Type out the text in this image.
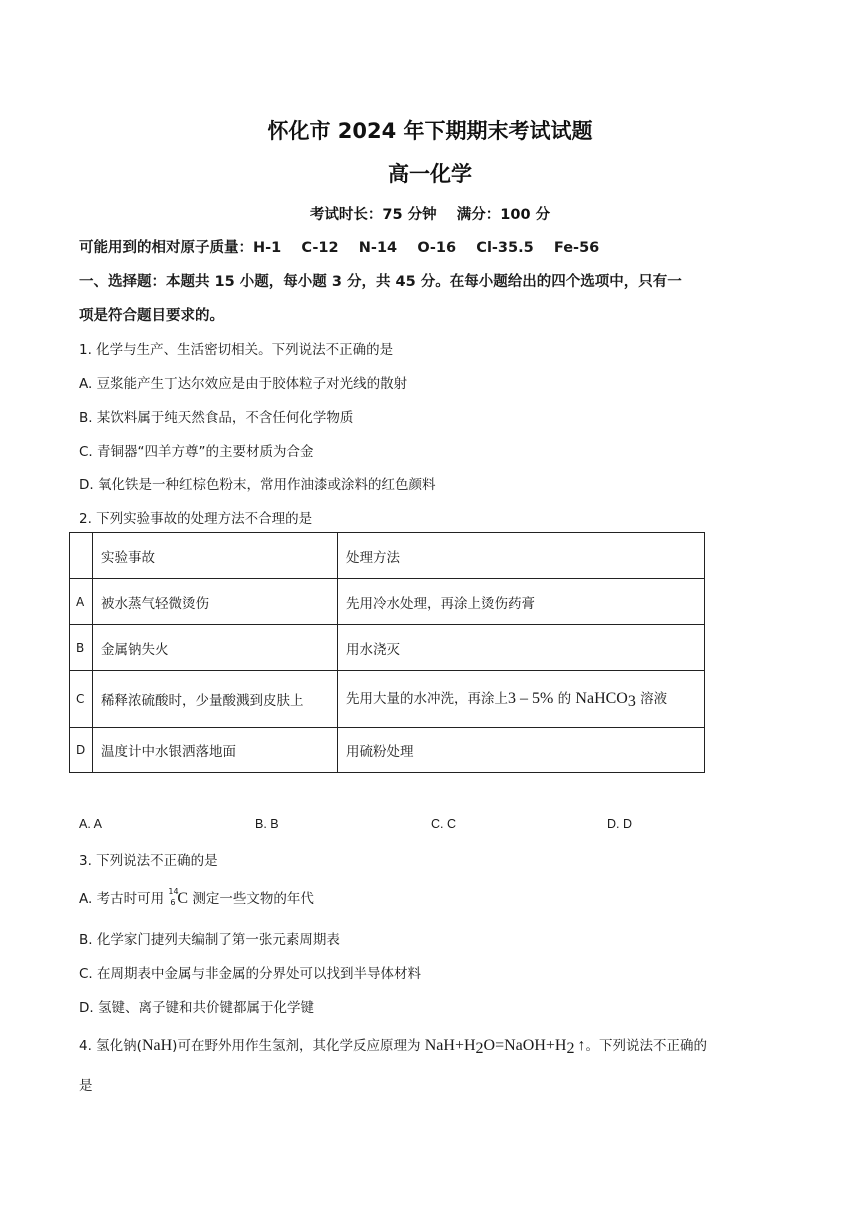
怀化市 2024 年下期期末考试试题
高一化学
考试时长：75 分钟    满分：100 分
可能用到的相对原子质量：H-1    C-12    N-14    O-16    Cl-35.5    Fe-56
一、选择题：本题共 15 小题，每小题 3 分，共 45 分。在每小题给出的四个选项中，只有一
项是符合题目要求的。
1. 化学与生产、生活密切相关。下列说法不正确的是
A. 豆浆能产生丁达尔效应是由于胶体粒子对光线的散射
B. 某饮料属于纯天然食品，不含任何化学物质
C. 青铜器“四羊方尊”的主要材质为合金
D. 氧化铁是一种红棕色粉末，常用作油漆或涂料的红色颜料
2. 下列实验事故的处理方法不合理的是
	实验事故	处理方法
A	被水蒸气轻微烫伤	先用冷水处理，再涂上烫伤药膏
B	金属钠失火	用水浇灭
C	稀释浓硫酸时，少量酸溅到皮肤上	先用大量的水冲洗，再涂上3 – 5% 的 NaHCO3 溶液
D	温度计中水银洒落地面	用硫粉处理
A. A	B. B	C. C	D. D
3. 下列说法不正确的是
A. 考古时可用 14
6 C 测定一些文物的年代
B. 化学家门捷列夫编制了第一张元素周期表
C. 在周期表中金属与非金属的分界处可以找到半导体材料
D. 氢键、离子键和共价键都属于化学键
4. 氢化钠(NaH)可在野外用作生氢剂，其化学反应原理为 NaH+H2O=NaOH+H2 ↑。下列说法不正确的
是
